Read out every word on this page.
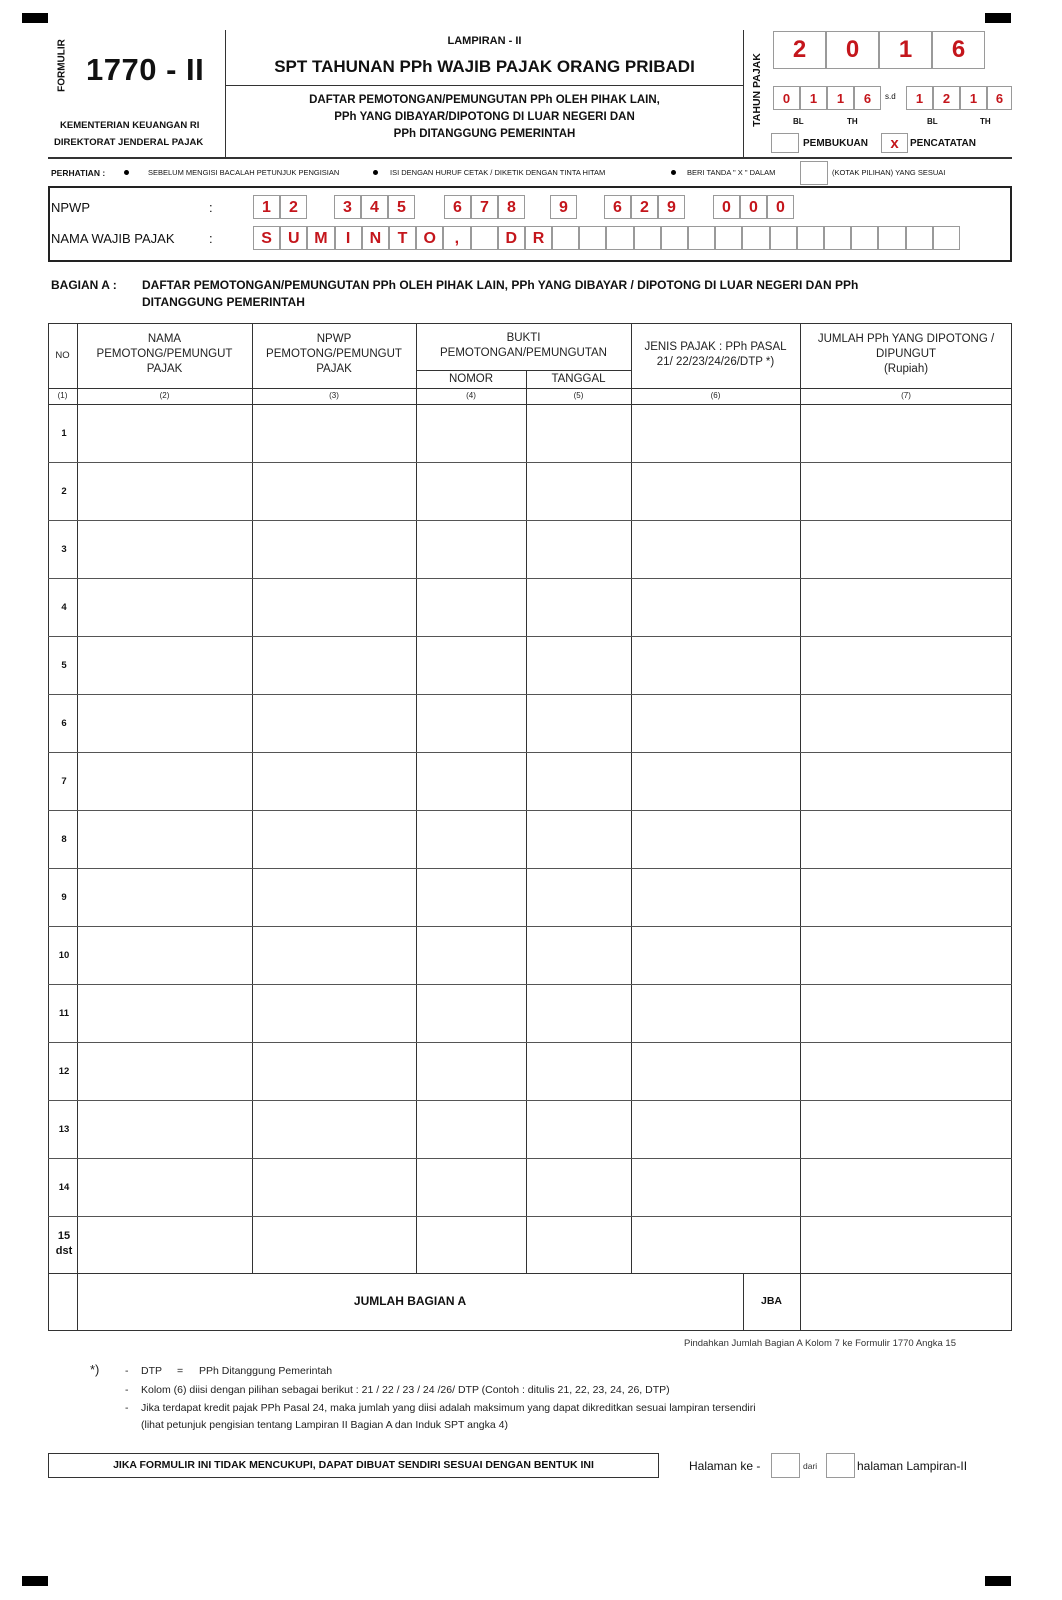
FORMULIR 1770 - II
KEMENTERIAN KEUANGAN RI
DIREKTORAT JENDERAL PAJAK
LAMPIRAN - II
SPT TAHUNAN PPh WAJIB PAJAK ORANG PRIBADI
DAFTAR PEMOTONGAN/PEMUNGUTAN PPh OLEH PIHAK LAIN,
PPh YANG DIBAYAR/DIPOTONG DI LUAR NEGERI DAN
PPh DITANGGUNG PEMERINTAH
TAHUN PAJAK
2	0	1	6
0	1	1	6	s.d	1	2	1	6
BL	TH	BL	TH
PEMBUKUAN	x	PENCATATAN
PERHATIAN :	SEBELUM MENGISI BACALAH PETUNJUK PENGISIAN	ISI DENGAN HURUF CETAK / DIKETIK DENGAN TINTA HITAM	BERI TANDA " X " DALAM	(KOTAK PILIHAN) YANG SESUAI
NPWP	:
NAMA WAJIB PAJAK	:
1	2	3	4	5	6	7	8	9	6	2	9	0	0	0
S	U M	I	N	T	O	,	D R
BAGIAN A : DAFTAR PEMOTONGAN/PEMUNGUTAN PPh OLEH PIHAK LAIN, PPh YANG DIBAYAR / DIPOTONG DI LUAR NEGERI DAN PPh
DITANGGUNG PEMERINTAH
NO
NAMA
PEMOTONG/PEMUNGUT
PAJAK
NPWP
PEMOTONG/PEMUNGUT
PAJAK
BUKTI
PEMOTONGAN/PEMUNGUTAN
NOMOR	TANGGAL
JENIS PAJAK : PPh PASAL
21/ 22/23/24/26/DTP *)
JUMLAH PPh YANG DIPOTONG /
DIPUNGUT
(Rupiah)
(1)	(2)	(3)	(4)	(5)	(6)	(7)
1
2
3
4
5
6
7
8
9
10
11
12
13
14
15
dst
JUMLAH BAGIAN A	JBA
Pindahkan Jumlah Bagian A Kolom 7 ke Formulir 1770 Angka 15
*) - DTP = PPh Ditanggung Pemerintah
- Kolom (6) diisi dengan pilihan sebagai berikut : 21 / 22 / 23 / 24 /26/ DTP (Contoh : ditulis 21, 22, 23, 24, 26, DTP)
- Jika terdapat kredit pajak PPh Pasal 24, maka jumlah yang diisi adalah maksimum yang dapat dikreditkan sesuai lampiran tersendiri
(lihat petunjuk pengisian tentang Lampiran II Bagian A dan Induk SPT angka 4)
JIKA FORMULIR INI TIDAK MENCUKUPI, DAPAT DIBUAT SENDIRI SESUAI DENGAN BENTUK INI	Halaman ke -	dari	halaman Lampiran-II
